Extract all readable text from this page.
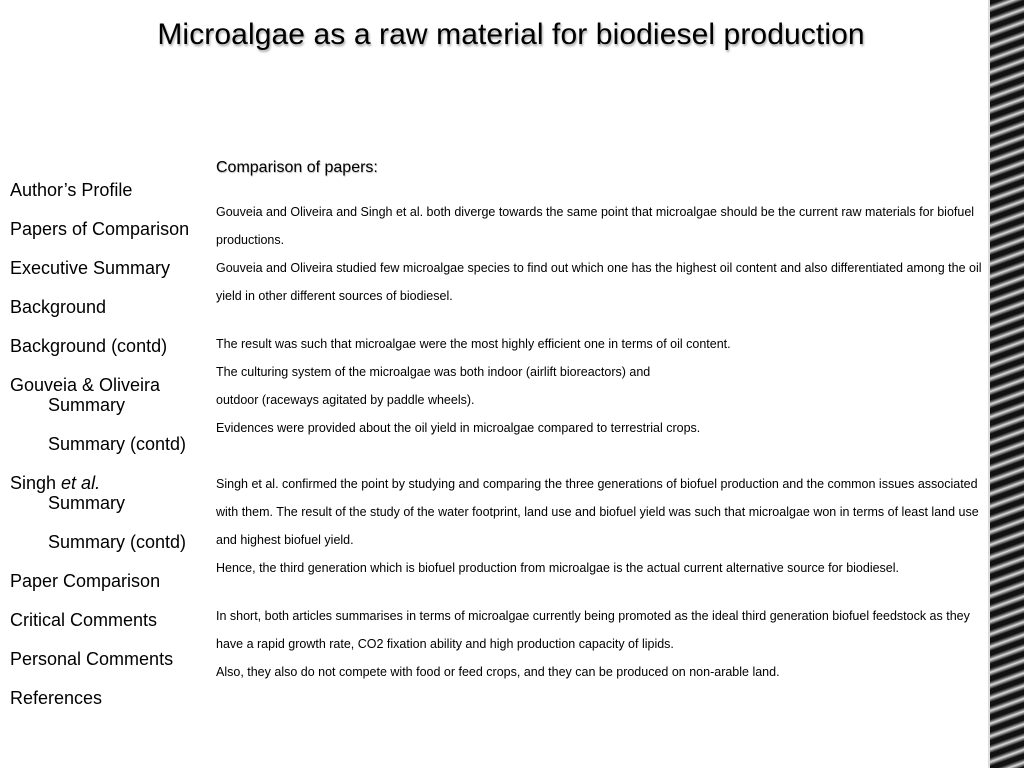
Microalgae as a raw material for biodiesel production
Author’s Profile
Papers of Comparison
Executive Summary
Background
Background (contd)
Gouveia & Oliveira
Summary
Summary (contd)
Singh et al.
Summary
Summary (contd)
Paper Comparison
Critical Comments
Personal Comments
References
Comparison of papers:
Gouveia and Oliveira and Singh et al. both diverge towards the same point that microalgae should be the current raw materials for biofuel productions.
Gouveia and Oliveira studied few microalgae species to find out which one has the highest oil content and also differentiated among the oil yield in other different sources of biodiesel.
The result was such that microalgae were the most highly efficient one in terms of oil content.
The culturing system of the microalgae was both indoor (airlift bioreactors) and
outdoor (raceways agitated by paddle wheels).
Evidences were provided about the oil yield in microalgae compared to terrestrial crops.
Singh et al. confirmed the point by studying and comparing the three generations of biofuel production and the common issues associated with them. The result of the study of the water footprint, land use and biofuel yield was such that microalgae won in terms of least land use and highest biofuel yield.
Hence, the third generation which is biofuel production from microalgae is the actual current alternative source for biodiesel.
In short, both articles summarises in terms of microalgae currently being promoted as the ideal third generation biofuel feedstock as they have a rapid growth rate, CO2 fixation ability and high production capacity of lipids.
Also, they also do not compete with food or feed crops, and they can be produced on non-arable land.
